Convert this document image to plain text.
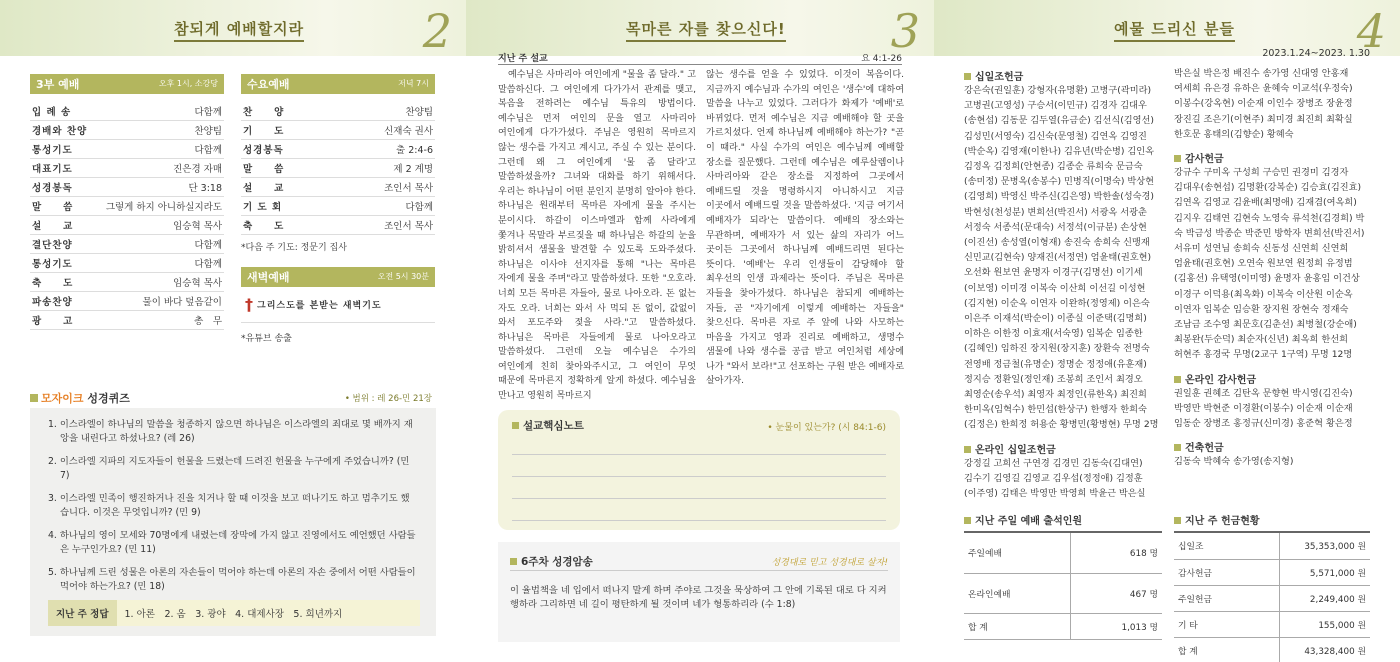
참되게 예배할지라	2
3부 예배	오후 1시, 소강당
입 례 송	다함께
경배와 찬양	찬양팀
통성기도	다함께
대표기도	진은경 자매
성경봉독	단 3:18
말　　씀	그렇게 하지 아니하실지라도
설　　교	임승혁 목사
결단찬양	다함께
통성기도	다함께
축　　도	임승혁 목사
파송찬양	물이 바다 덮음같이
광　　고	총　무
수요예배	저녁 7시
찬　　양	찬양팀
기　　도	신재숙 권사
성경봉독	출 2:4-6
말　　씀	제 2 계명
설　　교	조인서 목사
기 도 회	다함께
축　　도	조인서 목사
*다음 주 기도: 정문기 집사
새벽예배	오전 5시 30분
† 그리스도를 본받는 새벽기도
*유튜브 송출
모자이크 성경퀴즈	• 범위 : 레 26-민 21장
1. 이스라엘이 하나님의 말씀을 청종하지 않으면 하나님은 이스라엘의 죄대로 몇 배까지 재앙을 내린다고 하셨나요? (레 26)
2. 이스라엘 지파의 지도자들이 헌물을 드렸는데 드려진 헌물을 누구에게 주었습니까? (민 7)
3. 이스라엘 민족이 행진하거나 진을 치거나 할 때 이것을 보고 떠나기도 하고 멈추기도 했습니다. 이것은 무엇입니까? (민 9)
4. 하나님의 영이 모세와 70명에게 내렸는데 장막에 가지 않고 진영에서도 예언했던 사람들은 누구인가요? (민 11)
5. 하나님께 드린 성물은 아론의 자손들이 먹어야 하는데 아론의 자손 중에서 어떤 사람들이 먹어야 하는가요? (민 18)
지난 주 정답	1. 아론　2. 옴　3. 광야　4. 대제사장　5. 희년까지
목마른 자를 찾으신다! 3
지난 주 설교	요 4:1-26
예수님은 사마리아 여인에게 "물을 좀 달라." 고 말씀하신다. 그 여인에게 다가가서 관계를 맺고, 복음을 전하려는 예수님 특유의 방법이다. 예수님은 먼저 여인의 문을 열고 사마리아 여인에게 다가가셨다. 주님은 영원히 목마르지 않는 생수를 가지고 계시고, 주실 수 있는 분이다. 그런데 왜 그 여인에게 '물 좀 달라'고 말씀하셨을까? 그녀와 대화를 하기 위해서다. 우리는 하나님이 어떤 분인지 분명히 알아야 한다. 하나님은 원래부터 목마른 자에게 물을 주시는 분이시다. 하갈이 이스마엘과 함께 사라에게 쫓겨나 목말라 부르짖을 때 하나님은 하갈의 눈을 밝히셔서 샘물을 발견할 수 있도록 도와주셨다. 하나님은 이사야 선지자를 통해 "나는 목마른 자에게 물을 주며"라고 말씀하셨다. 또한 "오호라. 너희 모든 목마른 자들아, 물로 나아오라. 돈 없는 자도 오라. 너희는 와서 사 먹되 돈 없이, 값없이 와서 포도주와 젖을 사라."고 말씀하셨다. 하나님은 목마른 자들에게 물로 나아오라고 말씀하셨다. 그런데 오늘 예수님은 수가의 여인에게 친히 찾아와주시고, 그 여인이 무엇 때문에 목마른지 정확하게 알게 하셨다. 예수님을 만나고 영원히 목마르지
않는 생수를 얻을 수 있었다. 이것이 복음이다. 지금까지 예수님과 수가의 여인은 '생수'에 대하여 말씀을 나누고 있었다. 그러다가 화제가 '예배'로 바뀌었다. 먼저 예수님은 지금 예배해야 할 곳을 가르치셨다. 언제 하나님께 예배해야 하는가? "곧 이 때라." 사실 수가의 여인은 예수님께 예배할 장소를 질문했다. 그런데 예수님은 예루살렘이나 사마리아와 같은 장소를 지정하여 그곳에서 예배드릴 것을 명령하시지 아니하시고 지금 이곳에서 예배드릴 것을 말씀하셨다. '지금 여기서 예배자가 되라'는 말씀이다. 예배의 장소와는 무관하며, 예배자가 서 있는 삶의 자리가 어느 곳이든 그곳에서 하나님께 예배드리면 된다는 뜻이다. '예배'는 우리 인생들이 감당해야 할 최우선의 인생 과제라는 뜻이다. 주님은 목마른 자들을 찾아가셨다. 하나님은 참되게 예배하는 자들, 곧 "자기에게 이렇게 예배하는 자들을" 찾으신다. 목마른 자로 주 앞에 나와 사모하는 마음을 가지고 영과 진리로 예배하고, 생명수 샘물에 나와 생수를 공급 받고 여인처럼 세상에 나가 "와서 보라!"고 선포하는 구원 받은 예배자로 살아가자.
설교핵심노트	• 눈물이 있는가? (시 84:1-6)
6주차 성경암송	성경대로 믿고 성경대로 살자!
이 율법책을 네 입에서 떠나지 말게 하며 주야로 그것을 묵상하여 그 안에 기록된 대로 다 지켜 행하라 그리하면 네 길이 평탄하게 될 것이며 네가 형통하리라 (수 1:8)
예물 드리신 분들	4
2023.1.24~2023. 1.30
십일조헌금
강은숙(권일훈) 강형자(유명환) 고병구(곽미라) 고병권(고영성) 구승서(이민규) 김경자 김대우(송현섭) 김동문 김두열(유금순) 김선식(김영선) 김성민(서영숙) 김신숙(문영철) 김연옥 김영진(박순옥) 김영재(이한나) 김유년(박순병) 김인옥 김정옥 김정희(안현종) 김종순 류희숙 문금숙(송미정) 문병옥(송봉수) 민병직(이명숙) 박상현(김영희) 박영신 박주신(김은영) 박한솔(성숙경) 박현성(천성분) 변희선(박진서) 서광옥 서광춘 서정숙 서종석(문대숙) 서정석(이규분) 손상현(이진선) 송성열(이형재) 송진숙 송희숙 신맹재 신민교(김현숙) 양재진(서정연) 엄윤태(권호현) 오선화 원보연 윤명자 이경구(김명선) 이기세(이보영) 이미경 이복숙 이산희 이선길 이성현(김지현) 이순옥 이연자 이완하(정영제) 이은숙 이은주 이재석(박순이) 이종실 이준택(김명희) 이하은 이한정 이효재(서숙영) 임복순 임종한(김혜인) 임하진 장지원(장지훈) 장환숙 전명숙 전영배 정금철(유명순) 정명순 정정애(유훈재) 정지승 정환일(정인재) 조봉희 조인서 최경오 최영순(송우석) 최영자 최정인(류한옥) 최진희 한미옥(임혁수) 한민섭(한상구) 한행자 한희숙(김정은) 한희정 허용순 황병민(황병현) 무명 2명
온라인 십일조헌금
강정길 고희선 구연경 김경민 김동숙(김대연) 김수기 김영길 김영교 김우섭(정정애) 김정훈(이주영) 김태은 박영만 박영희 박윤근 박은실
박은실 박은정 배진수 송가영 신대영 안홍재 여세희 유은경 유하은 윤혜숙 이교석(우정숙) 이봉수(강옥현) 이순재 이인수 장병조 장윤정 장진길 조은기(이현주) 최미경 최진희 최확실 한호문 홍태의(김향순) 황혜숙
감사헌금
강규수 구미옥 구성희 구승민 권경미 김경자 김대우(송현섭) 김명환(강복순) 김승효(김진효) 김연옥 김영교 김윤배(최명애) 김재겸(여옥희) 김지우 김태연 김현숙 노영숙 류석천(김경희) 박 숙 박금성 박종순 박준민 방학자 변희선(박진서) 서유미 성연님 송희숙 신동성 신연희 신연희 엄윤태(권호현) 오연숙 원보연 원정희 유정범(김홍선) 유택영(이미영) 윤명자 윤홍임 이건상 이경구 이덕용(최옥화) 이복숙 이산원 이순옥 이연자 임복순 임승환 장지원 장현숙 정재숙 조남금 조수영 최문호(김춘선) 최병철(강순애) 최봉완(두순덕) 최순자(신년) 최옥희 한선희 허현주 홍경국 무명(2교구 1구역) 무명 12명
온라인 감사헌금
권일훈 권혜조 김탄옥 문향현 박시영(김진숙) 박영만 박현준 이경환(이봉수) 이순재 이순재 임동순 장병조 홍정규(신미경) 홍준혁 황은정
건축헌금
김동숙 박혜숙 송가영(송지형)
지난 주일 예배 출석인원
주일예배	618 명
온라인예배	467 명
합 계	1,013 명
지난 주 헌금현황
십일조	35,353,000 원
감사헌금	5,571,000 원
주일헌금	2,249,400 원
기 타	155,000 원
합 계	43,328,400 원
